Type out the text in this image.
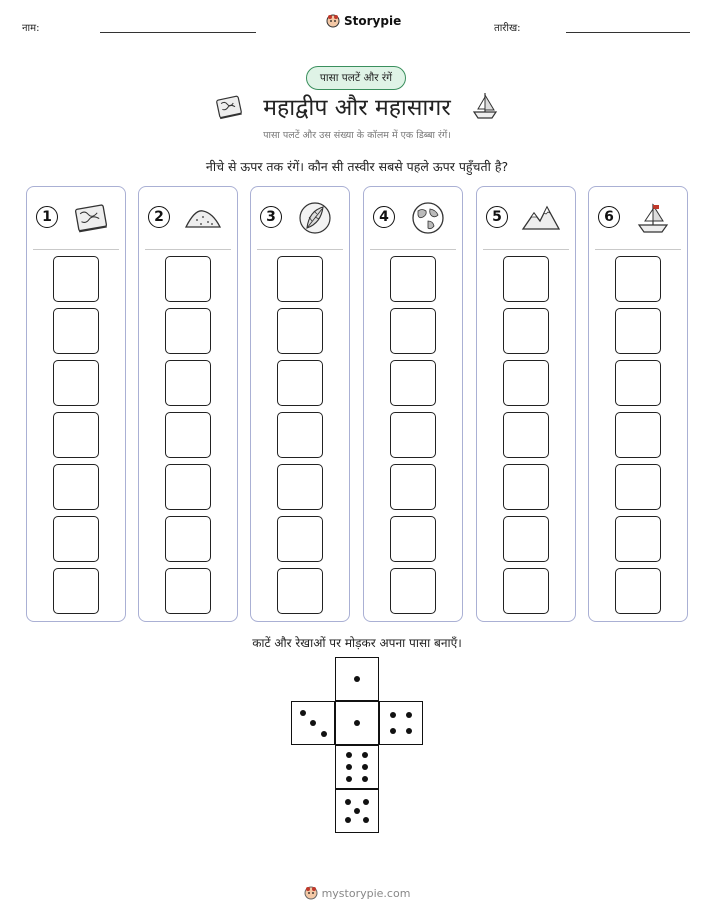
नाम:
Storypie
तारीख:
पासा पलटें और रंगें
महाद्वीप और महासागर
पासा पलटें और उस संख्या के कॉलम में एक डिब्बा रंगें।
नीचे से ऊपर तक रंगें। कौन सी तस्वीर सबसे पहले ऊपर पहुँचती है?
1	2	3	4	5	6
काटें और रेखाओं पर मोड़कर अपना पासा बनाएँ।
mystorypie.com
